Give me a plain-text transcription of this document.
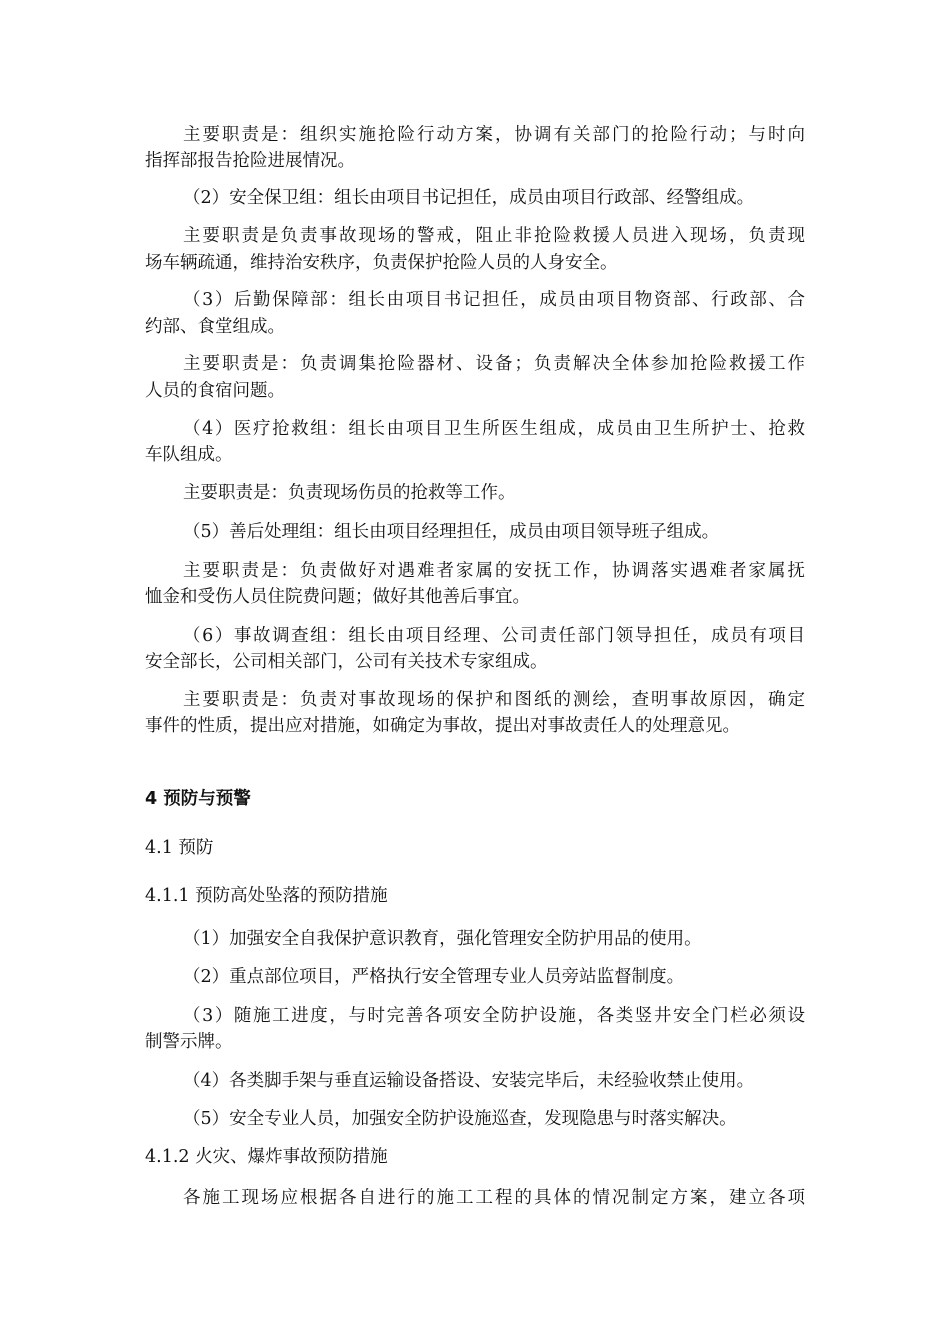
主要职责是：组织实施抢险行动方案，协调有关部门的抢险行动；与时向
指挥部报告抢险进展情况。
（2）安全保卫组：组长由项目书记担任，成员由项目行政部、经警组成。
主要职责是负责事故现场的警戒，阻止非抢险救援人员进入现场，负责现
场车辆疏通，维持治安秩序，负责保护抢险人员的人身安全。
（3）后勤保障部：组长由项目书记担任，成员由项目物资部、行政部、合
约部、食堂组成。
主要职责是：负责调集抢险器材、设备；负责解决全体参加抢险救援工作
人员的食宿问题。
（4）医疗抢救组：组长由项目卫生所医生组成，成员由卫生所护士、抢救
车队组成。
主要职责是：负责现场伤员的抢救等工作。
（5）善后处理组：组长由项目经理担任，成员由项目领导班子组成。
主要职责是：负责做好对遇难者家属的安抚工作，协调落实遇难者家属抚
恤金和受伤人员住院费问题；做好其他善后事宜。
（6）事故调查组：组长由项目经理、公司责任部门领导担任，成员有项目
安全部长，公司相关部门，公司有关技术专家组成。
主要职责是：负责对事故现场的保护和图纸的测绘，查明事故原因，确定
事件的性质，提出应对措施，如确定为事故，提出对事故责任人的处理意见。
4 预防与预警
4.1 预防
4.1.1 预防高处坠落的预防措施
（1）加强安全自我保护意识教育，强化管理安全防护用品的使用。
（2）重点部位项目，严格执行安全管理专业人员旁站监督制度。
（3）随施工进度，与时完善各项安全防护设施，各类竖井安全门栏必须设
制警示牌。
（4）各类脚手架与垂直运输设备搭设、安装完毕后，未经验收禁止使用。
（5）安全专业人员，加强安全防护设施巡查，发现隐患与时落实解决。
4.1.2 火灾、爆炸事故预防措施
各施工现场应根据各自进行的施工工程的具体的情况制定方案，建立各项
